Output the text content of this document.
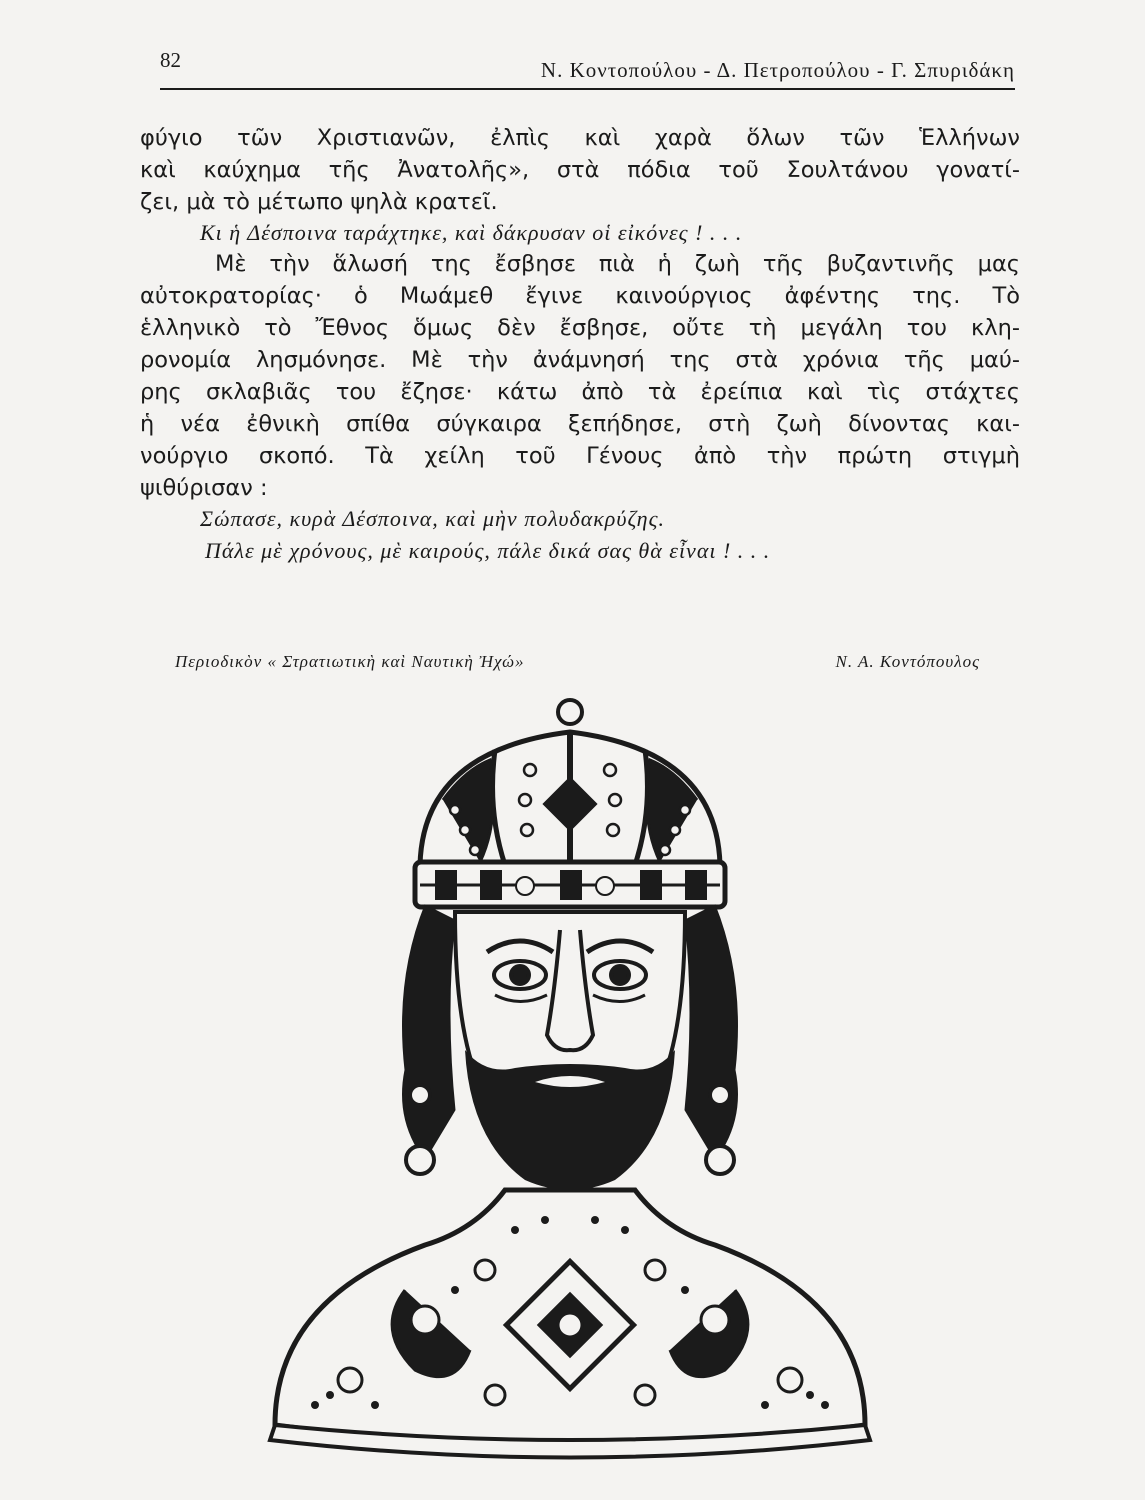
82	Ν. Κοντοπούλου - Δ. Πετροπούλου - Γ. Σπυριδάκη
φύγιο τῶν Χριστιανῶν, ἐλπὶς καὶ χαρὰ ὅλων τῶν Ἑλλήνων
καὶ καύχημα τῆς Ἀνατολῆς», στὰ πόδια τοῦ Σουλτάνου γονατί-
ζει, μὰ τὸ μέτωπο ψηλὰ κρατεῖ.
Κι ἡ Δέσποινα ταράχτηκε, καὶ δάκρυσαν οἱ εἰκόνες ! . . .
Μὲ τὴν ἅλωσή της ἔσβησε πιὰ ἡ ζωὴ τῆς βυζαντινῆς μας
αὐτοκρατορίας· ὁ Μωάμεθ ἔγινε καινούργιος ἀφέντης της. Τὸ
ἑλληνικὸ τὸ Ἔθνος ὅμως δὲν ἔσβησε, οὔτε τὴ μεγάλη του κλη-
ρονομία λησμόνησε. Μὲ τὴν ἀνάμνησή της στὰ χρόνια τῆς μαύ-
ρης σκλαβιᾶς του ἔζησε· κάτω ἀπὸ τὰ ἐρείπια καὶ τὶς στάχτες
ἡ νέα ἐθνικὴ σπίθα σύγκαιρα ξεπήδησε, στὴ ζωὴ δίνοντας και-
νούργιο σκοπό. Τὰ χείλη τοῦ Γένους ἀπὸ τὴν πρώτη στιγμὴ
ψιθύρισαν :
Σώπασε, κυρὰ Δέσποινα, καὶ μὴν πολυδακρύζης.
Πάλε μὲ χρόνους, μὲ καιρούς, πάλε δικά σας θὰ εἶναι ! . . .
Περιοδικὸν « Στρατιωτικὴ καὶ Ναυτικὴ Ἠχώ»	Ν. Α. Κοντόπουλος
